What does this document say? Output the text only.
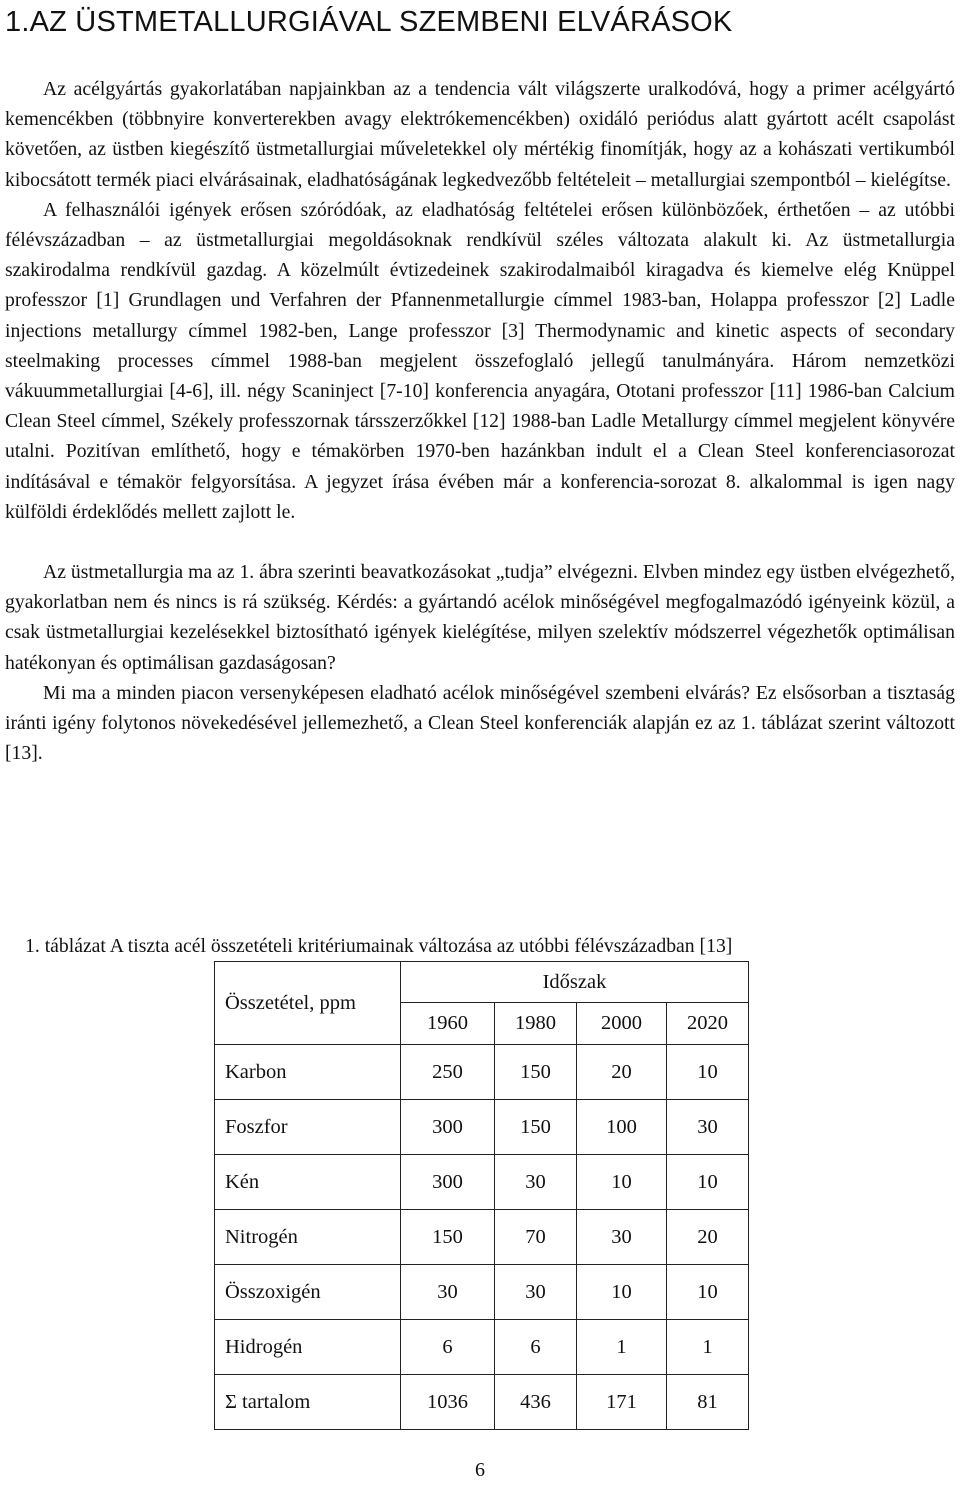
1.AZ ÜSTMETALLURGIÁVAL SZEMBENI ELVÁRÁSOK

Az acélgyártás gyakorlatában napjainkban az a tendencia vált világszerte uralkodóvá, hogy a primer acélgyártó kemencékben (többnyire konverterekben avagy elektrókemencékben) oxidáló periódus alatt gyártott acélt csapolást követően, az üstben kiegészítő üstmetallurgiai műveletekkel oly mértékig finomítják, hogy az a kohászati vertikumból kibocsátott termék piaci elvárásainak, eladhatóságának legkedvezőbb feltételeit – metallurgiai szempontból – kielégítse.

A felhasználói igények erősen szóródóak, az eladhatóság feltételei erősen különbözőek, érthetően – az utóbbi félévszázadban – az üstmetallurgiai megoldásoknak rendkívül széles változata alakult ki. Az üstmetallurgia szakirodalma rendkívül gazdag. A közelmúlt évtizedeinek szakirodalmaiból kiragadva és kiemelve elég Knüppel professzor [1] Grundlagen und Verfahren der Pfannenmetallurgie címmel 1983-ban, Holappa professzor [2] Ladle injections metallurgy címmel 1982-ben, Lange professzor [3] Thermodynamic and kinetic aspects of secondary steelmaking processes címmel 1988-ban megjelent összefoglaló jellegű tanulmányára. Három nemzetközi vákuummetallurgiai [4-6], ill. négy Scaninject [7-10] konferencia anyagára, Ototani professzor [11] 1986-ban Calcium Clean Steel címmel, Székely professzornak társszerzőkkel [12] 1988-ban Ladle Metallurgy címmel megjelent könyvére utalni. Pozitívan említhető, hogy e témakörben 1970-ben hazánkban indult el a Clean Steel konferenciasorozat indításával e témakör felgyorsítása. A jegyzet írása évében már a konferencia-sorozat 8. alkalommal is igen nagy külföldi érdeklődés mellett zajlott le.

Az üstmetallurgia ma az 1. ábra szerinti beavatkozásokat „tudja” elvégezni. Elvben mindez egy üstben elvégezhető, gyakorlatban nem és nincs is rá szükség. Kérdés: a gyártandó acélok minőségével megfogalmazódó igényeink közül, a csak üstmetallurgiai kezelésekkel biztosítható igények kielégítése, milyen szelektív módszerrel végezhetők optimálisan hatékonyan és optimálisan gazdaságosan?

Mi ma a minden piacon versenyképesen eladható acélok minőségével szembeni elvárás? Ez elsősorban a tisztaság iránti igény folytonos növekedésével jellemezhető, a Clean Steel konferenciák alapján ez az 1. táblázat szerint változott [13].

1. táblázat A tiszta acél összetételi kritériumainak változása az utóbbi félévszázadban [13]

Összetétel, ppm	Időszak			
	1960	1980	2000	2020
Karbon	250	150	20	10
Foszfor	300	150	100	30
Kén	300	30	10	10
Nitrogén	150	70	30	20
Összoxigén	30	30	10	10
Hidrogén	6	6	1	1
Σ tartalom	1036	436	171	81
6
